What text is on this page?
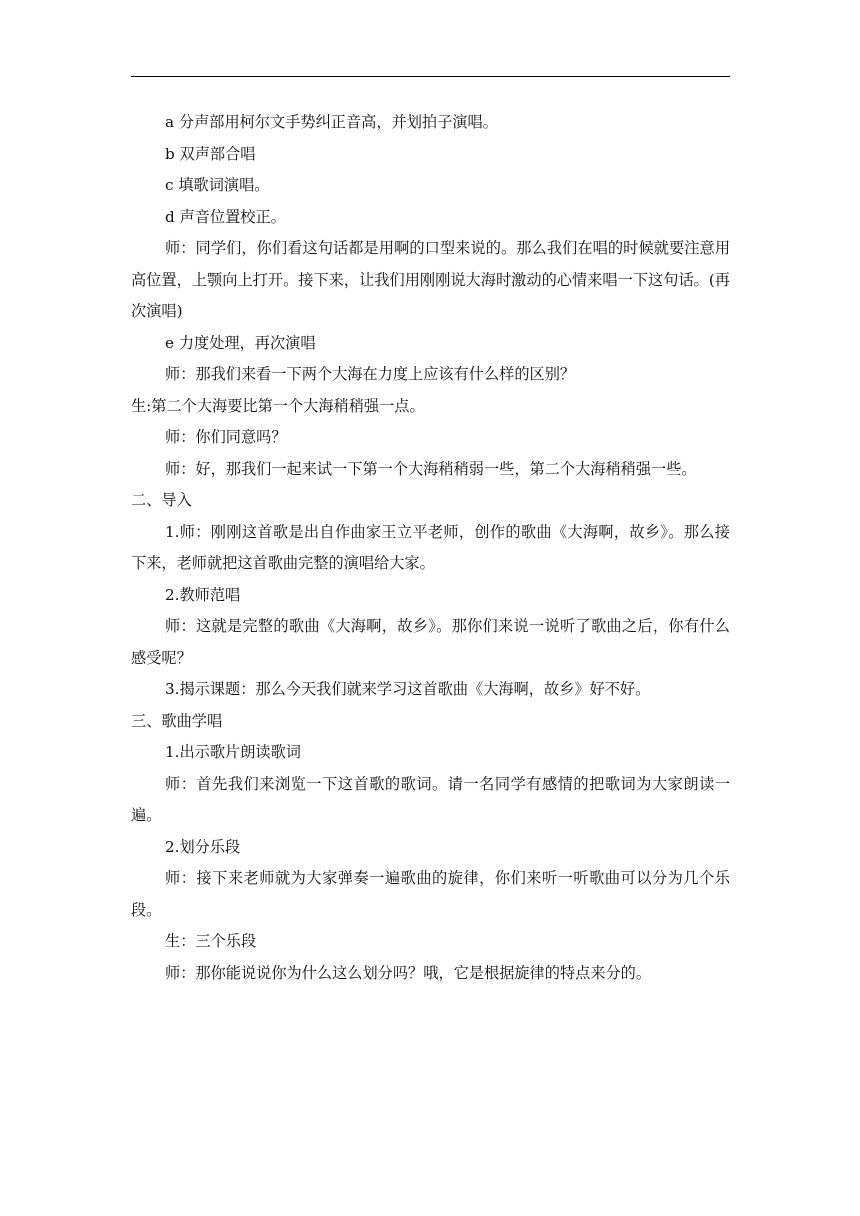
a 分声部用柯尔文手势纠正音高，并划拍子演唱。

b 双声部合唱

c 填歌词演唱。

d 声音位置校正。

师：同学们，你们看这句话都是用啊的口型来说的。那么我们在唱的时候就要注意用高位置，上颚向上打开。接下来，让我们用刚刚说大海时激动的心情来唱一下这句话。(再次演唱)

e 力度处理，再次演唱

师：那我们来看一下两个大海在力度上应该有什么样的区别？

生:第二个大海要比第一个大海稍稍强一点。

师：你们同意吗？

师：好，那我们一起来试一下第一个大海稍稍弱一些，第二个大海稍稍强一些。

二、导入

1.师：刚刚这首歌是出自作曲家王立平老师，创作的歌曲《大海啊，故乡》。那么接下来，老师就把这首歌曲完整的演唱给大家。

2.教师范唱

师：这就是完整的歌曲《大海啊，故乡》。那你们来说一说听了歌曲之后，你有什么感受呢？

3.揭示课题：那么今天我们就来学习这首歌曲《大海啊，故乡》好不好。

三、歌曲学唱

1.出示歌片朗读歌词

师：首先我们来浏览一下这首歌的歌词。请一名同学有感情的把歌词为大家朗读一遍。

2.划分乐段

师：接下来老师就为大家弹奏一遍歌曲的旋律，你们来听一听歌曲可以分为几个乐段。

生：三个乐段

师：那你能说说你为什么这么划分吗？哦，它是根据旋律的特点来分的。
